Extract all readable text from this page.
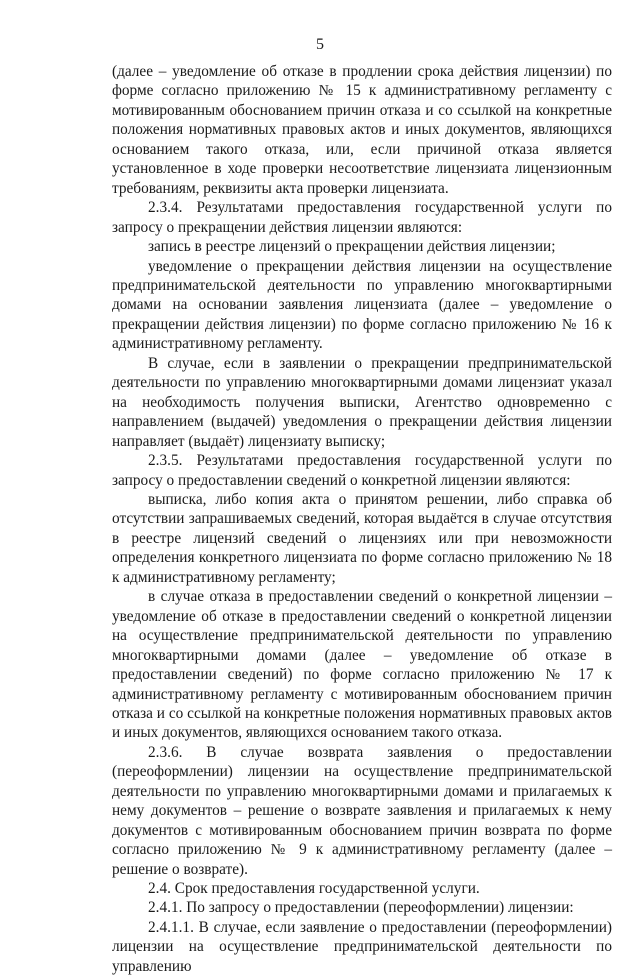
5

(далее – уведомление об отказе в продлении срока действия лицензии) по форме согласно приложению № 15 к административному регламенту с мотивированным обоснованием причин отказа и со ссылкой на конкретные положения нормативных правовых актов и иных документов, являющихся основанием такого отказа, или, если причиной отказа является установленное в ходе проверки несоответствие лицензиата лицензионным требованиям, реквизиты акта проверки лицензиата.

2.3.4. Результатами предоставления государственной услуги по запросу о прекращении действия лицензии являются:

запись в реестре лицензий о прекращении действия лицензии;

уведомление о прекращении действия лицензии на осуществление предпринимательской деятельности по управлению многоквартирными домами на основании заявления лицензиата (далее – уведомление о прекращении действия лицензии) по форме согласно приложению № 16 к административному регламенту.

В случае, если в заявлении о прекращении предпринимательской деятельности по управлению многоквартирными домами лицензиат указал на необходимость получения выписки, Агентство одновременно с направлением (выдачей) уведомления о прекращении действия лицензии направляет (выдаёт) лицензиату выписку;

2.3.5. Результатами предоставления государственной услуги по запросу о предоставлении сведений о конкретной лицензии являются:

выписка, либо копия акта о принятом решении, либо справка об отсутствии запрашиваемых сведений, которая выдаётся в случае отсутствия в реестре лицензий сведений о лицензиях или при невозможности определения конкретного лицензиата по форме согласно приложению № 18 к административному регламенту;

в случае отказа в предоставлении сведений о конкретной лицензии – уведомление об отказе в предоставлении сведений о конкретной лицензии на осуществление предпринимательской деятельности по управлению многоквартирными домами (далее – уведомление об отказе в предоставлении сведений) по форме согласно приложению № 17 к административному регламенту с мотивированным обоснованием причин отказа и со ссылкой на конкретные положения нормативных правовых актов и иных документов, являющихся основанием такого отказа.

2.3.6. В случае возврата заявления о предоставлении (переоформлении) лицензии на осуществление предпринимательской деятельности по управлению многоквартирными домами и прилагаемых к нему документов – решение о возврате заявления и прилагаемых к нему документов с мотивированным обоснованием причин возврата по форме согласно приложению № 9 к административному регламенту (далее – решение о возврате).

2.4. Срок предоставления государственной услуги.

2.4.1. По запросу о предоставлении (переоформлении) лицензии:

2.4.1.1. В случае, если заявление о предоставлении (переоформлении) лицензии на осуществление предпринимательской деятельности по управлению
